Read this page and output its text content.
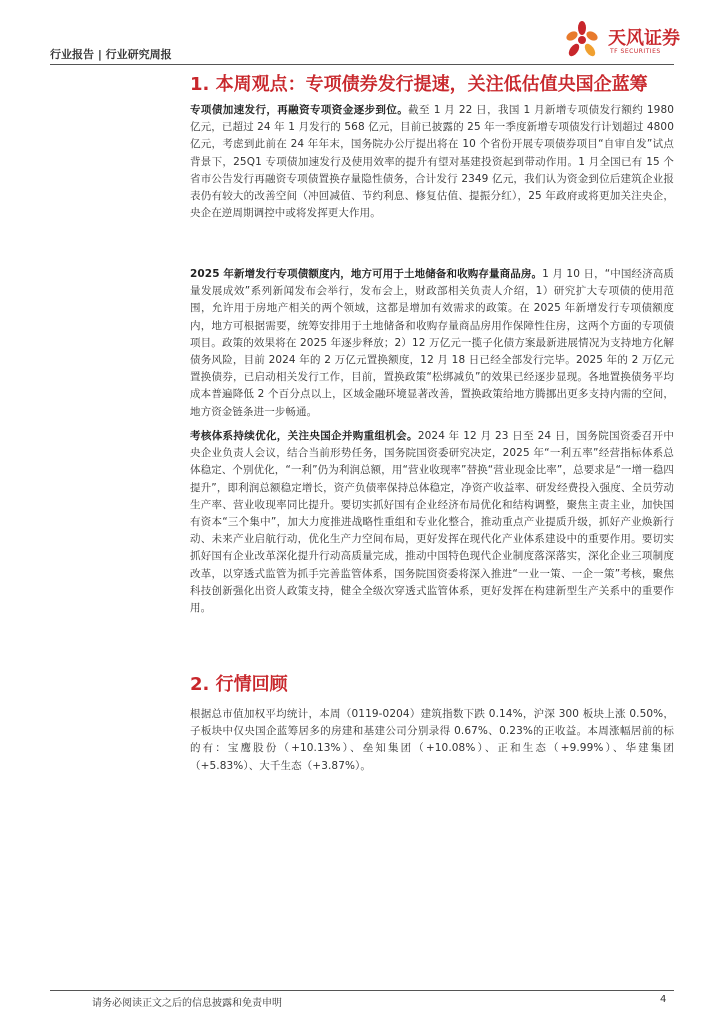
行业报告 | 行业研究周报
天风证券
TF SECURITIES
1. 本周观点：专项债券发行提速，关注低估值央国企蓝筹
专项债加速发行，再融资专项资金逐步到位。截至 1 月 22 日，我国 1 月新增专项债发行额约 1980 亿元，已超过 24 年 1 月发行的 568 亿元，目前已披露的 25 年一季度新增专项债发行计划超过 4800 亿元，考虑到此前在 24 年年末，国务院办公厅提出将在 10 个省份开展专项债券项目“自审自发”试点背景下，25Q1 专项债加速发行及使用效率的提升有望对基建投资起到带动作用。1 月全国已有 15 个省市公告发行再融资专项债置换存量隐性债务，合计发行 2349 亿元，我们认为资金到位后建筑企业报表仍有较大的改善空间（冲回减值、节约利息、修复估值、提振分红），25 年政府或将更加关注央企，央企在逆周期调控中或将发挥更大作用。
2025 年新增发行专项债额度内，地方可用于土地储备和收购存量商品房。1 月 10 日，“中国经济高质量发展成效”系列新闻发布会举行，发布会上，财政部相关负责人介绍，1）研究扩大专项债的使用范围，允许用于房地产相关的两个领域，这都是增加有效需求的政策。在 2025 年新增发行专项债额度内，地方可根据需要，统筹安排用于土地储备和收购存量商品房用作保障性住房，这两个方面的专项债项目。政策的效果将在 2025 年逐步释放；2）12 万亿元一揽子化债方案最新进展情况为支持地方化解债务风险，目前 2024 年的 2 万亿元置换额度，12 月 18 日已经全部发行完毕。2025 年的 2 万亿元置换债券，已启动相关发行工作，目前，置换政策“松绑减负”的效果已经逐步显现。各地置换债务平均成本普遍降低 2 个百分点以上，区域金融环境显著改善，置换政策给地方腾挪出更多支持内需的空间，地方资金链条进一步畅通。
考核体系持续优化，关注央国企并购重组机会。2024 年 12 月 23 日至 24 日，国务院国资委召开中央企业负责人会议，结合当前形势任务，国务院国资委研究决定，2025 年“一利五率”经营指标体系总体稳定、个别优化，“一利”仍为利润总额，用“营业收现率”替换“营业现金比率”，总要求是“一增一稳四提升”，即利润总额稳定增长，资产负债率保持总体稳定，净资产收益率、研发经费投入强度、全员劳动生产率、营业收现率同比提升。要切实抓好国有企业经济布局优化和结构调整，聚焦主责主业，加快国有资本“三个集中”，加大力度推进战略性重组和专业化整合，推动重点产业提质升级，抓好产业焕新行动、未来产业启航行动，优化生产力空间布局，更好发挥在现代化产业体系建设中的重要作用。要切实抓好国有企业改革深化提升行动高质量完成，推动中国特色现代企业制度落深落实，深化企业三项制度改革，以穿透式监管为抓手完善监管体系，国务院国资委将深入推进“一业一策、一企一策”考核，聚焦科技创新强化出资人政策支持，健全全级次穿透式监管体系，更好发挥在构建新型生产关系中的重要作用。
2. 行情回顾
根据总市值加权平均统计，本周（0119-0204）建筑指数下跌 0.14%，沪深 300 板块上涨 0.50%，子板块中仅央国企蓝筹居多的房建和基建公司分别录得 0.67%、0.23%的正收益。本周涨幅居前的标的有：宝鹰股份（+10.13%）、垒知集团（+10.08%）、正和生态（+9.99%）、华建集团（+5.83%）、大千生态（+3.87%）。
请务必阅读正文之后的信息披露和免责申明	4
